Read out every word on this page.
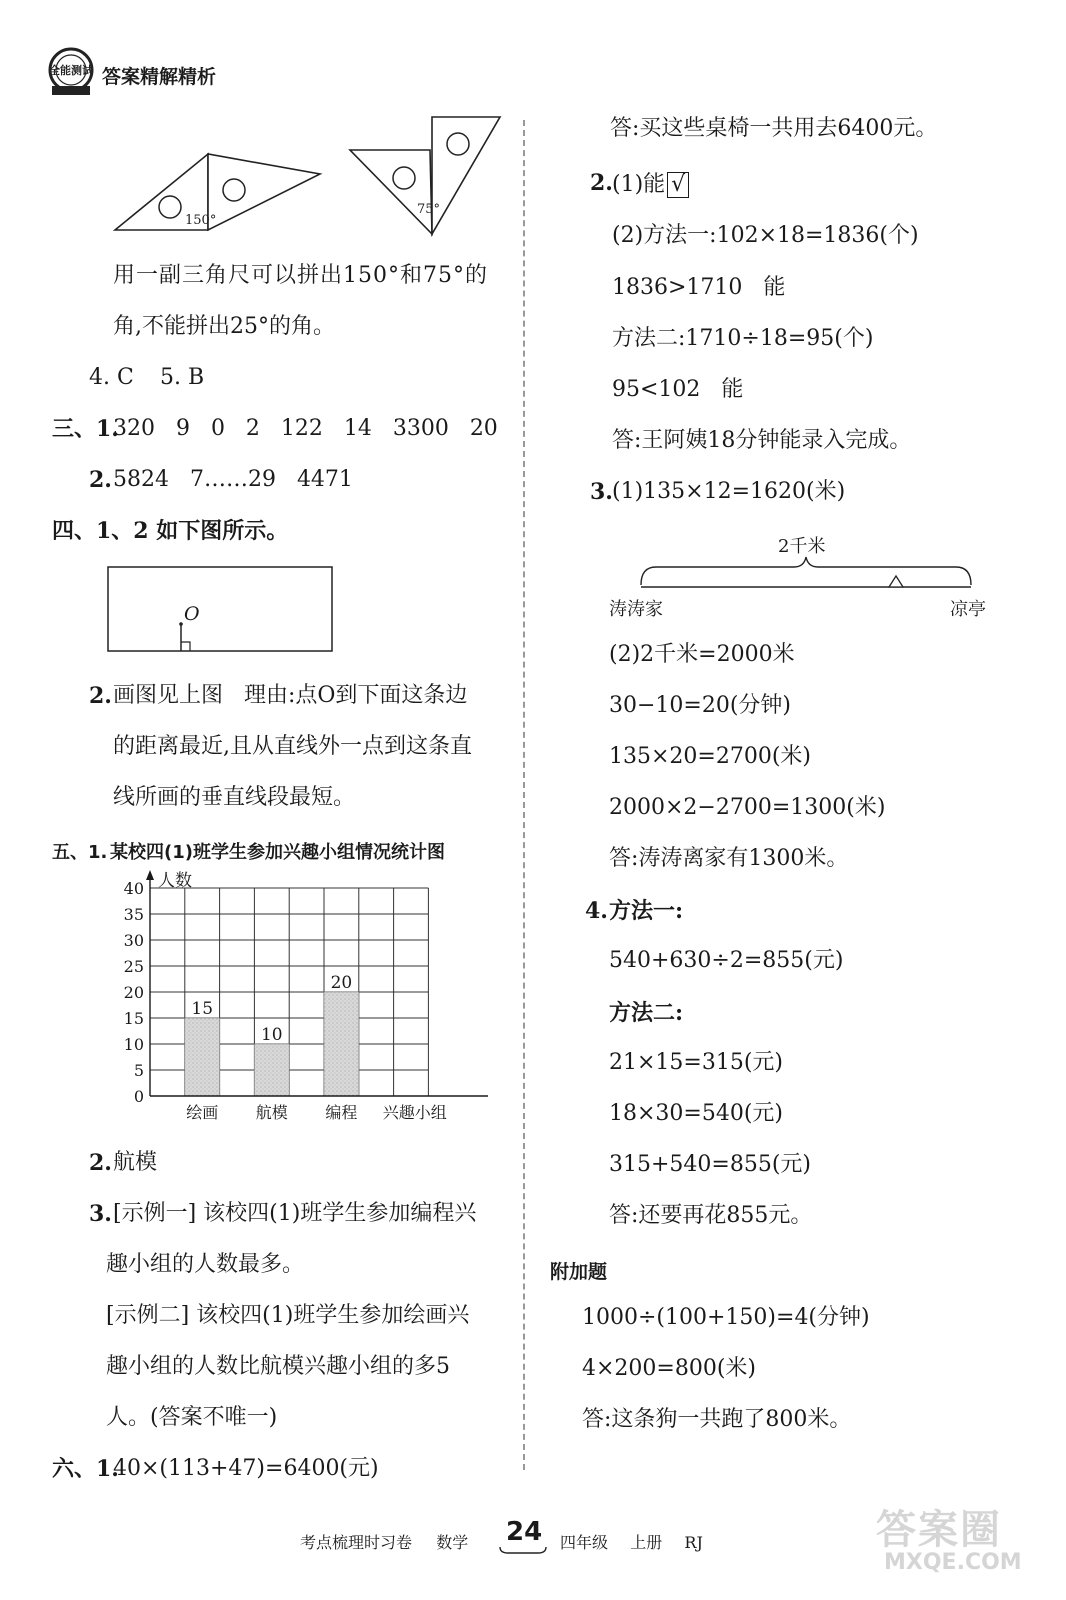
全能测试 答案精解精析
150°
75°
用一副三角尺可以拼出150°和75°的
角,不能拼出25°的角。
4. C 5. B
三、1.
320   9   0   2   122   14   3300   20
2. 5824   7……29   4471
四、1、2 如下图所示。
O
2. 画图见上图   理由:点O到下面这条边
的距离最近,且从直线外一点到这条直
线所画的垂直线段最短。
五、1. 某校四(1)班学生参加兴趣小组情况统计图
15
绘画
10
航模
20
编程
0
5
10
15
20
25
30
35
40 人数
兴趣小组
2. 航模
3. [示例一] 该校四(1)班学生参加编程兴
趣小组的人数最多。
[示例二] 该校四(1)班学生参加绘画兴
趣小组的人数比航模兴趣小组的多5
人。(答案不唯一)
六、1.
40×(113+47)=6400(元)
答:买这些桌椅一共用去6400元。
2. (1)能 √
(2)方法一:102×18=1836(个)
1836>1710   能
方法二:1710÷18=95(个)
95<102   能
答:王阿姨18分钟能录入完成。
3. (1)135×12=1620(米)
2千米
涛涛家	凉亭
(2)2千米=2000米
30−10=20(分钟)
135×20=2700(米)
2000×2−2700=1300(米)
答:涛涛离家有1300米。
4. 方法一:
540+630÷2=855(元)
方法二:
21×15=315(元)
18×30=540(元)
315+540=855(元)
答:还要再花855元。
附加题
1000÷(100+150)=4(分钟)
4×200=800(米)
答:这条狗一共跑了800米。
考点梳理时习卷 数学 24 四年级 上册 RJ	答案圈
MXQE.COM
